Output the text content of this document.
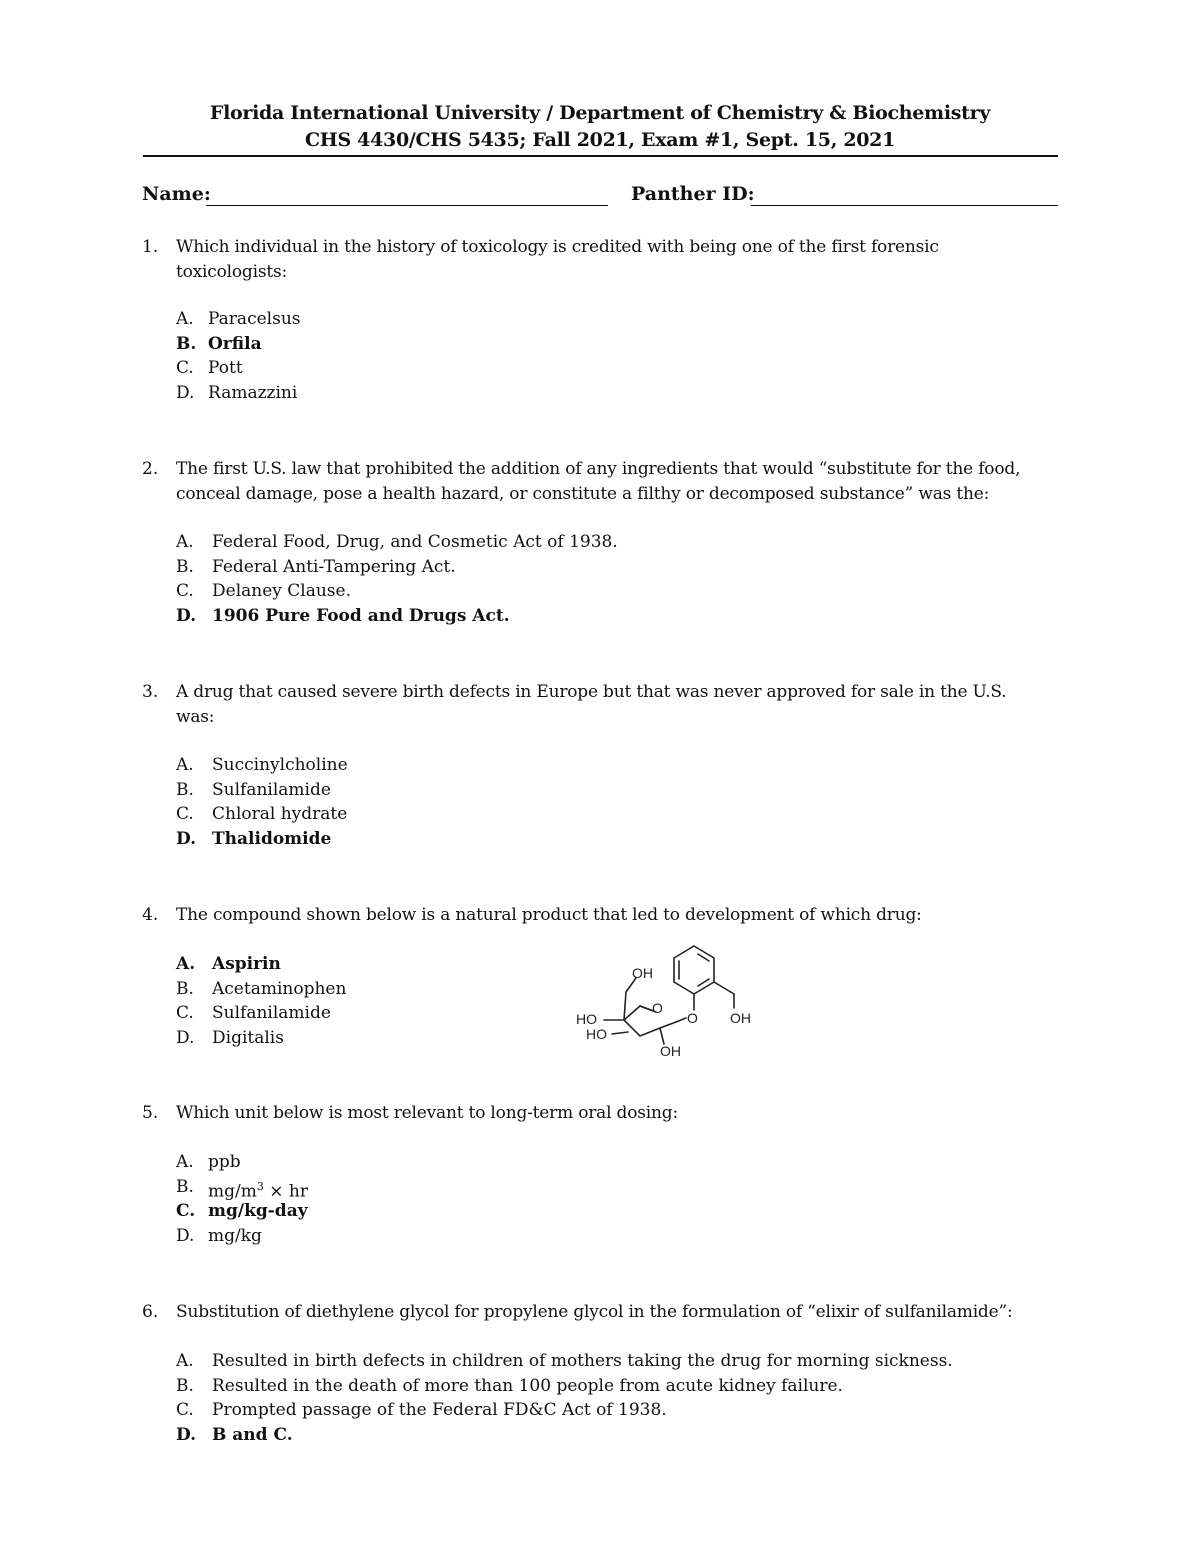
Florida International University / Department of Chemistry & Biochemistry
CHS 4430/CHS 5435; Fall 2021, Exam #1, Sept. 15, 2021
Name:	Panther ID:
1. Which individual in the history of toxicology is credited with being one of the first forensic toxicologists:
A. Paracelsus
B. Orfila
C. Pott
D. Ramazzini
2. The first U.S. law that prohibited the addition of any ingredients that would “substitute for the food, conceal damage, pose a health hazard, or constitute a filthy or decomposed substance” was the:
A. Federal Food, Drug, and Cosmetic Act of 1938.
B. Federal Anti-Tampering Act.
C. Delaney Clause.
D. 1906 Pure Food and Drugs Act.
3. A drug that caused severe birth defects in Europe but that was never approved for sale in the U.S. was:
A. Succinylcholine
B. Sulfanilamide
C. Chloral hydrate
D. Thalidomide
4. The compound shown below is a natural product that led to development of which drug:
A. Aspirin
B. Acetaminophen
C. Sulfanilamide
D. Digitalis
OH
HO
HO
O
O
OH
OH
5. Which unit below is most relevant to long-term oral dosing:
A. ppb
B. $mg/m^3$ × hr
C. mg/kg-day
D. mg/kg
6. Substitution of diethylene glycol for propylene glycol in the formulation of “elixir of sulfanilamide”:
A. Resulted in birth defects in children of mothers taking the drug for morning sickness.
B. Resulted in the death of more than 100 people from acute kidney failure.
C. Prompted passage of the Federal FD&C Act of 1938.
D. B and C.
